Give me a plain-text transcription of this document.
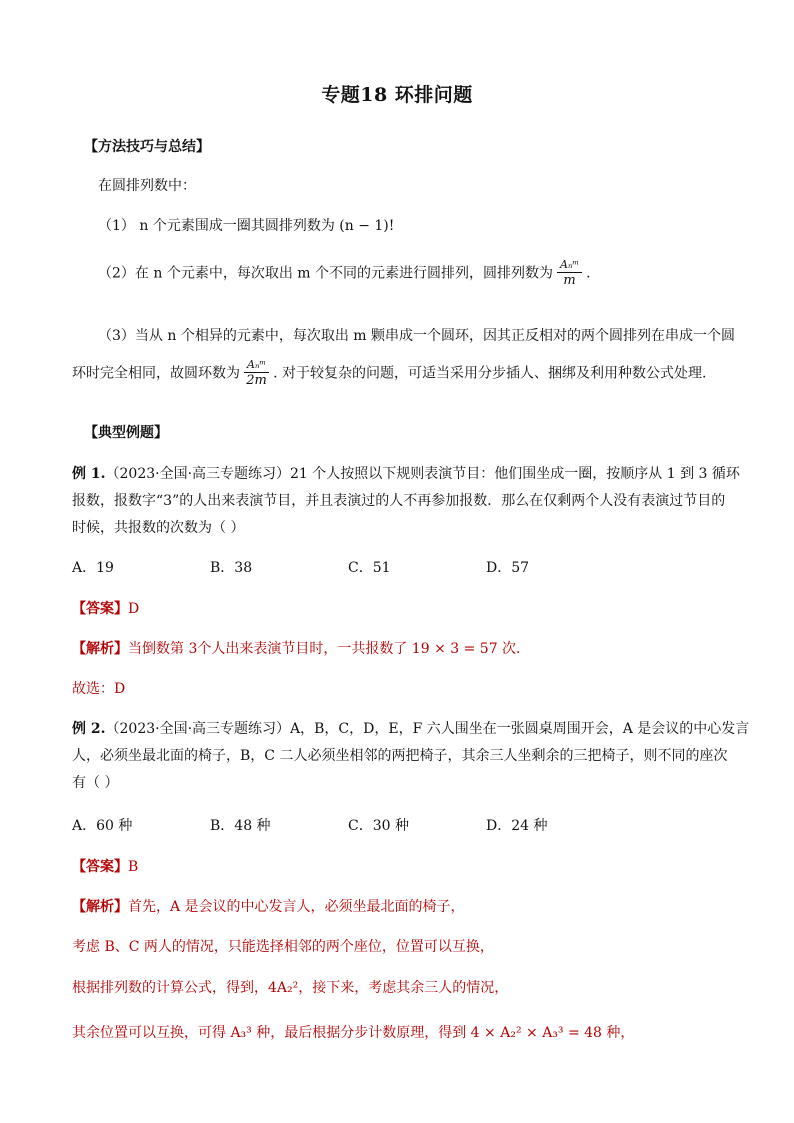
专题18 环排问题
【方法技巧与总结】
在圆排列数中：
（1） n 个元素围成一圈其圆排列数为 (n − 1)!
（2）在 n 个元素中，每次取出 m 个不同的元素进行圆排列，圆排列数为 $\frac{\text{Aₙᵐ}}{m}$ .
（3）当从 n 个相异的元素中，每次取出 m 颗串成一个圆环，因其正反相对的两个圆排列在串成一个圆
环时完全相同，故圆环数为 $\frac{\text{Aₙᵐ}}{2m}$ . 对于较复杂的问题，可适当采用分步插人、捆绑及利用种数公式处理.
【典型例题】
例 1.（2023·全国·高三专题练习）21 个人按照以下规则表演节目：他们围坐成一圈，按顺序从 1 到 3 循环
报数，报数字“3”的人出来表演节目，并且表演过的人不再参加报数．那么在仅剩两个人没有表演过节目的
时候，共报数的次数为（ ）
A．19	B．38	C．51	D．57
【答案】D
【解析】当倒数第 3个人出来表演节目时，一共报数了 19 × 3 = 57 次.
故选：D
例 2.（2023·全国·高三专题练习）A，B，C，D，E，F 六人围坐在一张圆桌周围开会，A 是会议的中心发言
人，必须坐最北面的椅子，B，C 二人必须坐相邻的两把椅子，其余三人坐剩余的三把椅子，则不同的座次
有（ ）
A．60 种	B．48 种	C．30 种	D．24 种
【答案】B
【解析】首先，A 是会议的中心发言人，必须坐最北面的椅子，
考虑 B、C 两人的情况，只能选择相邻的两个座位，位置可以互换，
根据排列数的计算公式，得到，4A₂²，接下来，考虑其余三人的情况，
其余位置可以互换，可得 A₃³ 种，最后根据分步计数原理，得到 4 × A₂² × A₃³ = 48 种，
